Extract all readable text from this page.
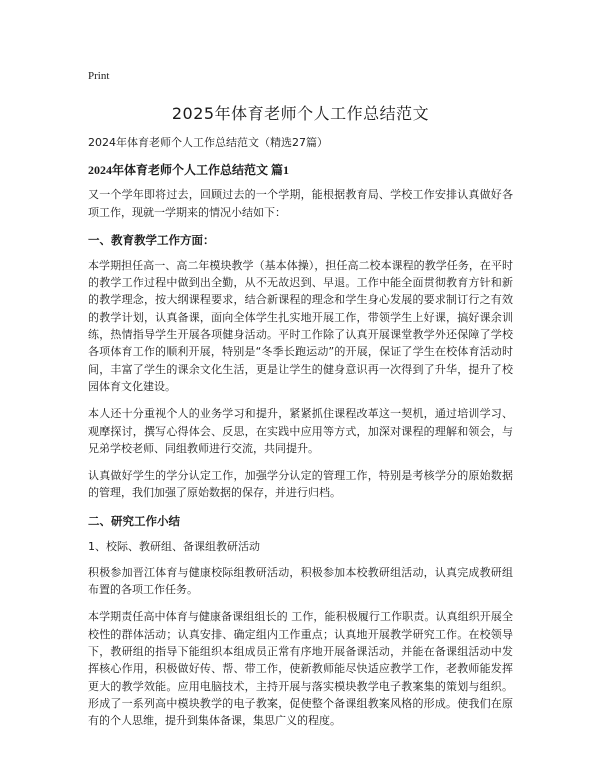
Print
2025年体育老师个人工作总结范文

2024年体育老师个人工作总结范文（精选27篇）

2024年体育老师个人工作总结范文 篇1

又一个学年即将过去，回顾过去的一个学期，能根据教育局、学校工作安排认真做好各项工作，现就一学期来的情况小结如下：

一、教育教学工作方面：

本学期担任高一、高二年模块教学（基本体操），担任高二校本课程的教学任务，在平时的教学工作过程中做到出全勤，从不无故迟到、早退。工作中能全面贯彻教育方针和新的教学理念，按大纲课程要求，结合新课程的理念和学生身心发展的要求制订行之有效的教学计划，认真备课，面向全体学生扎实地开展工作，带领学生上好课，搞好课余训练，热情指导学生开展各项健身活动。平时工作除了认真开展课堂教学外还保障了学校各项体育工作的顺利开展，特别是“冬季长跑运动”的开展，保证了学生在校体育活动时间，丰富了学生的课余文化生活，更是让学生的健身意识再一次得到了升华，提升了校园体育文化建设。

本人还十分重视个人的业务学习和提升，紧紧抓住课程改革这一契机，通过培训学习、观摩探讨，撰写心得体会、反思，在实践中应用等方式，加深对课程的理解和领会，与兄弟学校老师、同组教师进行交流，共同提升。

认真做好学生的学分认定工作，加强学分认定的管理工作，特别是考核学分的原始数据的管理，我们加强了原始数据的保存，并进行归档。

二、研究工作小结

1、校际、教研组、备课组教研活动

积极参加晋江体育与健康校际组教研活动，积极参加本校教研组活动，认真完成教研组布置的各项工作任务。

本学期责任高中体育与健康备课组组长的 工作，能积极履行工作职责。认真组织开展全校性的群体活动；认真安排、确定组内工作重点；认真地开展教学研究工作。在校领导下，教研组的指导下能组织本组成员正常有序地开展备课活动，并能在备课组活动中发挥核心作用，积极做好传、帮、带工作，使新教师能尽快适应教学工作，老教师能发挥更大的教学效能。应用电脑技术，主持开展与落实模块教学电子教案集的策划与组织。形成了一系列高中模块教学的电子教案，促使整个备课组教案风格的形成。使我们在原有的个人思维，提升到集体备课，集思广义的程度。
